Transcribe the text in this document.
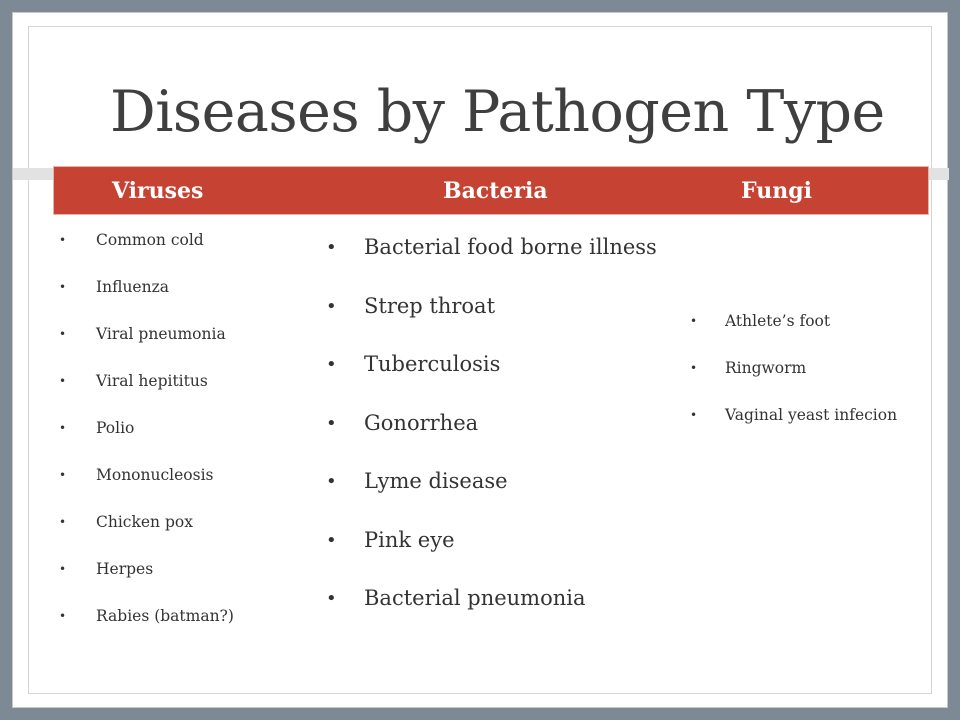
Diseases by Pathogen Type
Viruses	Bacteria	Fungi
• Common cold
• Influenza
• Viral pneumonia
• Viral hepititus
• Polio
• Mononucleosis
• Chicken pox
• Herpes
• Rabies (batman?)
• Bacterial food borne illness
• Strep throat
• Tuberculosis
• Gonorrhea
• Lyme disease
• Pink eye
• Bacterial pneumonia
• Athlete’s foot
• Ringworm
• Vaginal yeast infecion
